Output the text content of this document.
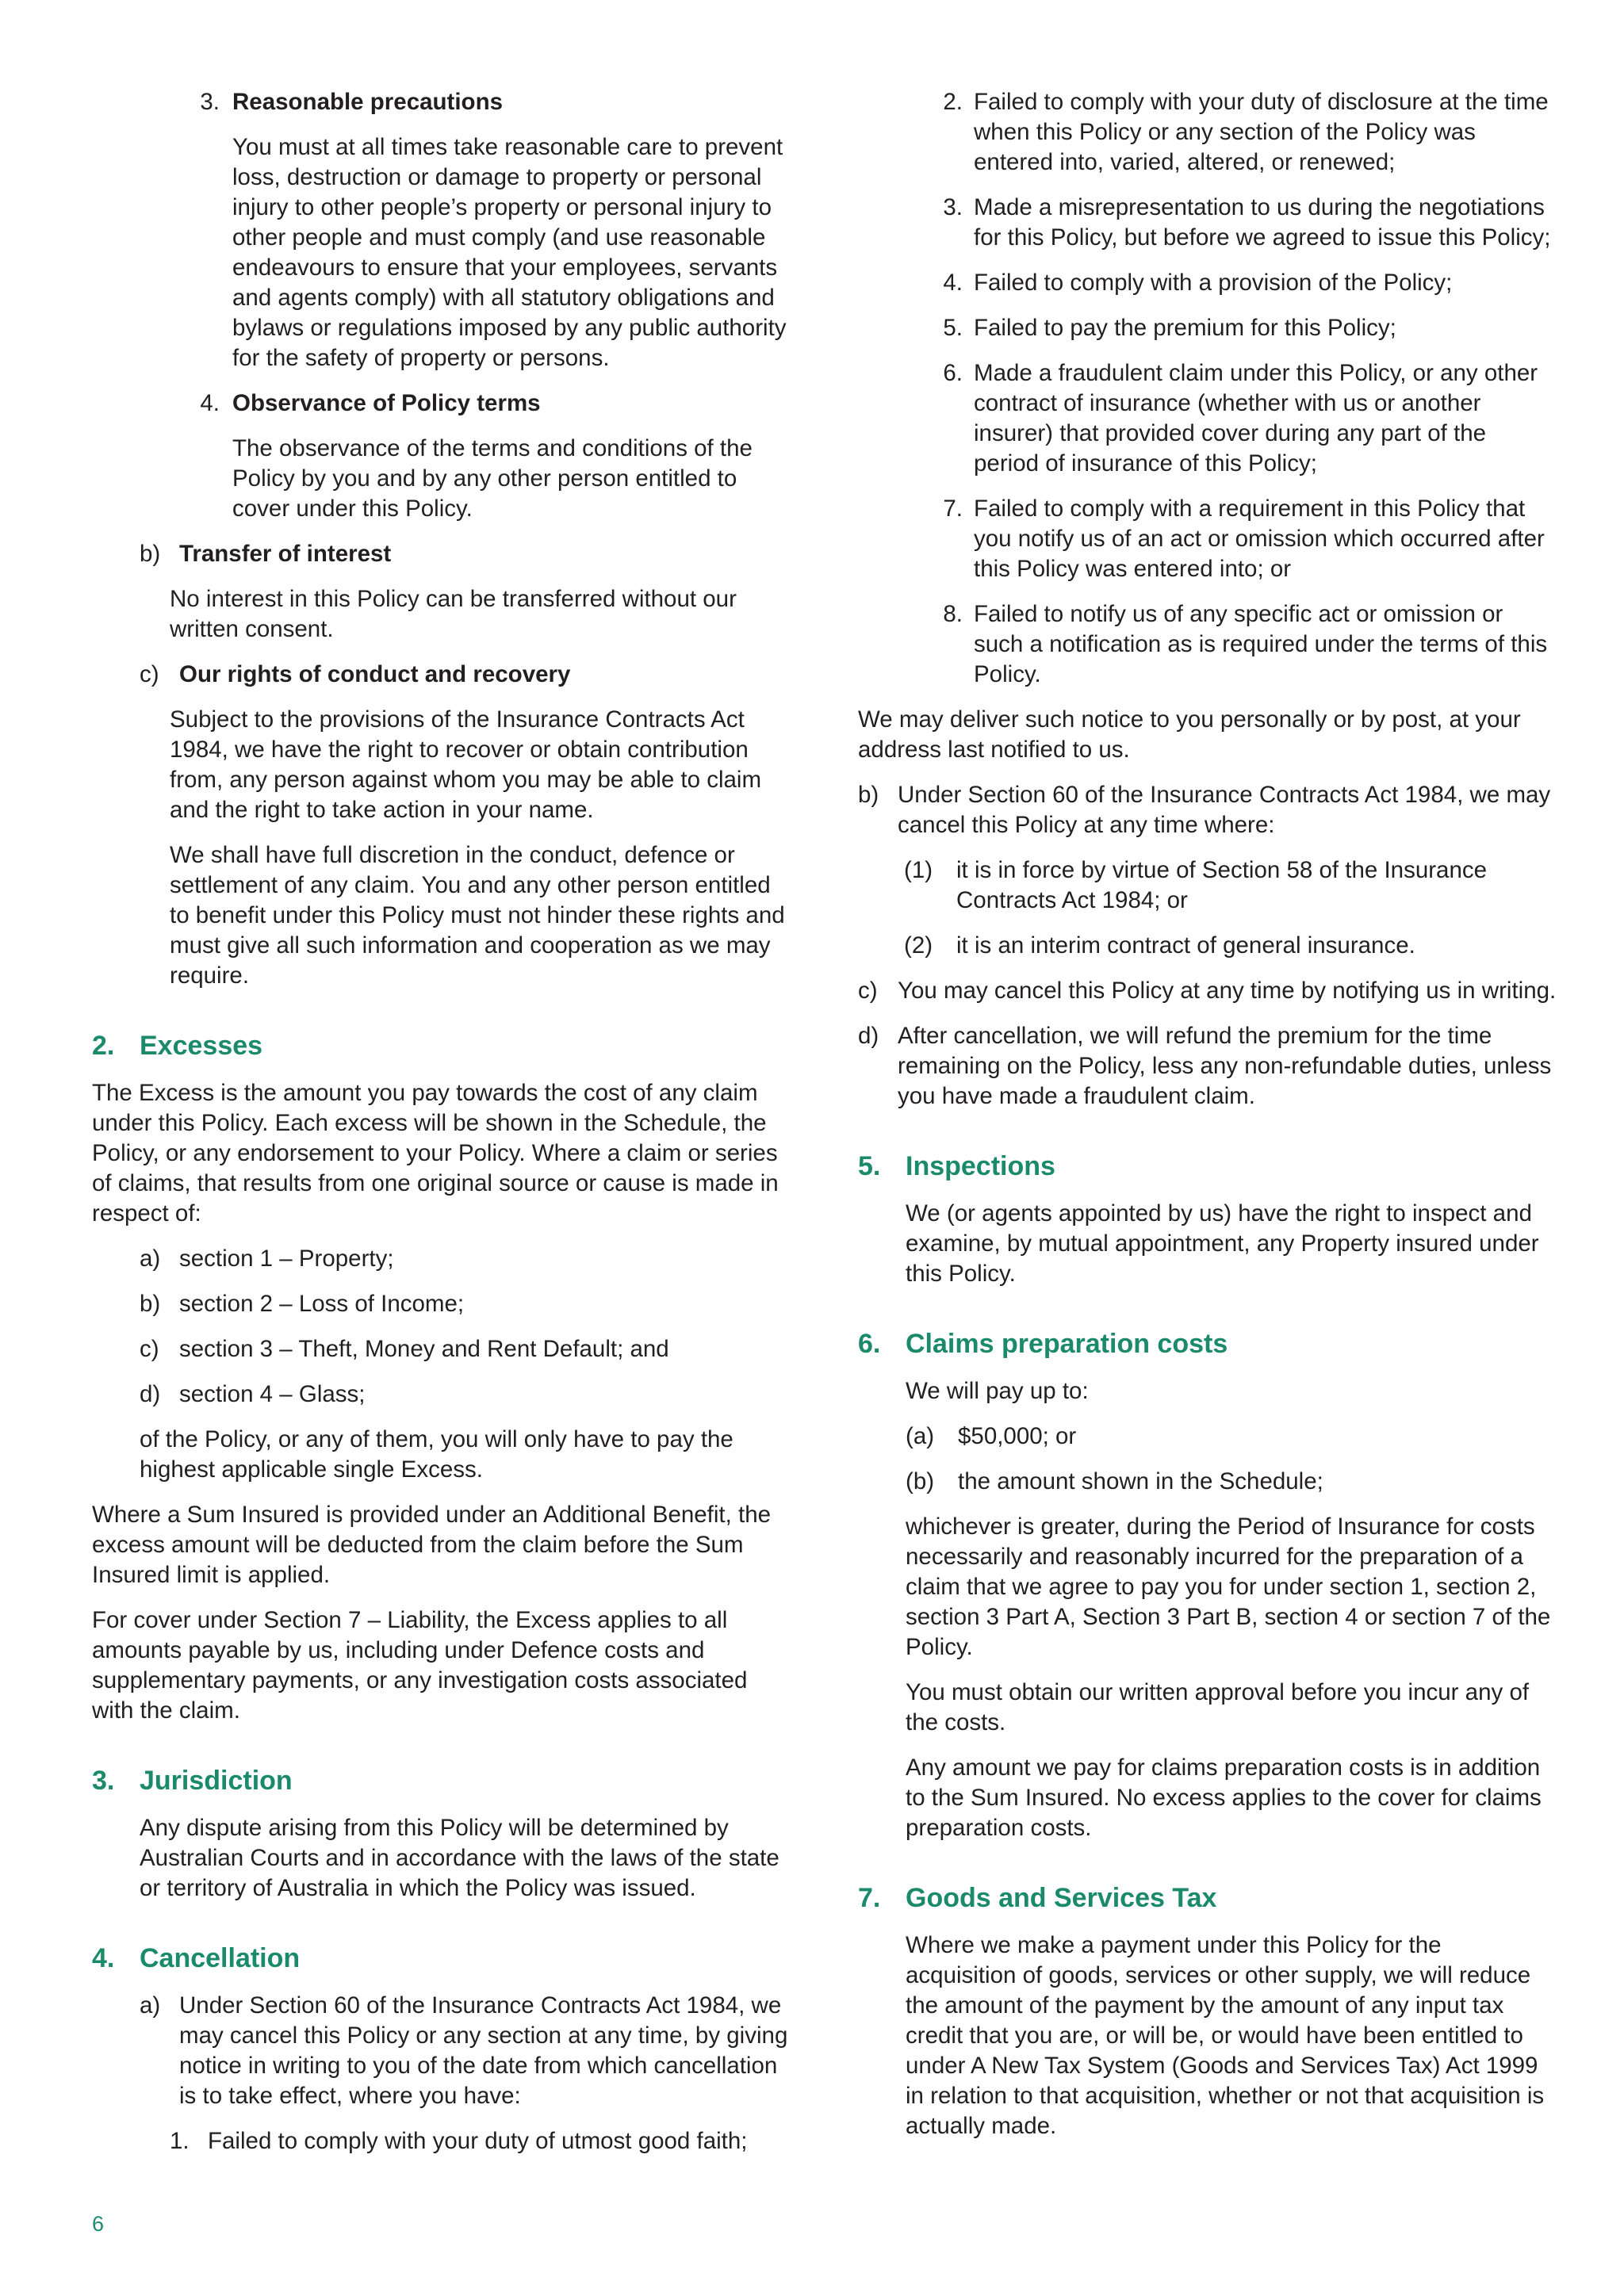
3. Reasonable precautions

You must at all times take reasonable care to prevent loss, destruction or damage to property or personal injury to other people’s property or personal injury to other people and must comply (and use reasonable endeavours to ensure that your employees, servants and agents comply) with all statutory obligations and bylaws or regulations imposed by any public authority for the safety of property or persons.

4. Observance of Policy terms

The observance of the terms and conditions of the Policy by you and by any other person entitled to cover under this Policy.

b) Transfer of interest

No interest in this Policy can be transferred without our written consent.

c) Our rights of conduct and recovery

Subject to the provisions of the Insurance Contracts Act 1984, we have the right to recover or obtain contribution from, any person against whom you may be able to claim and the right to take action in your name.

We shall have full discretion in the conduct, defence or settlement of any claim. You and any other person entitled to benefit under this Policy must not hinder these rights and must give all such information and cooperation as we may require.

2. Excesses

The Excess is the amount you pay towards the cost of any claim under this Policy. Each excess will be shown in the Schedule, the Policy, or any endorsement to your Policy. Where a claim or series of claims, that results from one original source or cause is made in respect of:

a) section 1 – Property;
b) section 2 – Loss of Income;
c) section 3 – Theft, Money and Rent Default; and
d) section 4 – Glass;

of the Policy, or any of them, you will only have to pay the highest applicable single Excess.

Where a Sum Insured is provided under an Additional Benefit, the excess amount will be deducted from the claim before the Sum Insured limit is applied.

For cover under Section 7 – Liability, the Excess applies to all amounts payable by us, including under Defence costs and supplementary payments, or any investigation costs associated with the claim.

3. Jurisdiction

Any dispute arising from this Policy will be determined by Australian Courts and in accordance with the laws of the state or territory of Australia in which the Policy was issued.

4. Cancellation
a) Under Section 60 of the Insurance Contracts Act 1984, we may cancel this Policy or any section at any time, by giving notice in writing to you of the date from which cancellation is to take effect, where you have:
1. Failed to comply with your duty of utmost good faith;
2. Failed to comply with your duty of disclosure at the time when this Policy or any section of the Policy was entered into, varied, altered, or renewed;
3. Made a misrepresentation to us during the negotiations for this Policy, but before we agreed to issue this Policy;
4. Failed to comply with a provision of the Policy;
5. Failed to pay the premium for this Policy;
6. Made a fraudulent claim under this Policy, or any other contract of insurance (whether with us or another insurer) that provided cover during any part of the period of insurance of this Policy;
7. Failed to comply with a requirement in this Policy that you notify us of an act or omission which occurred after this Policy was entered into; or
8. Failed to notify us of any specific act or omission or such a notification as is required under the terms of this Policy.

We may deliver such notice to you personally or by post, at your address last notified to us.

b) Under Section 60 of the Insurance Contracts Act 1984, we may cancel this Policy at any time where:
(1)	it is in force by virtue of Section 58 of the Insurance Contracts Act 1984; or
(2)	it is an interim contract of general insurance.
c) You may cancel this Policy at any time by notifying us in writing.
d) After cancellation, we will refund the premium for the time remaining on the Policy, less any non-refundable duties, unless you have made a fraudulent claim.
5. Inspections

We (or agents appointed by us) have the right to inspect and examine, by mutual appointment, any Property insured under this Policy.

6. Claims preparation costs

We will pay up to:

(a)	$50,000; or
(b)	the amount shown in the Schedule;

whichever is greater, during the Period of Insurance for costs necessarily and reasonably incurred for the preparation of a claim that we agree to pay you for under section 1, section 2, section 3 Part A, Section 3 Part B, section 4 or section 7 of the Policy.

You must obtain our written approval before you incur any of the costs.

Any amount we pay for claims preparation costs is in addition to the Sum Insured. No excess applies to the cover for claims preparation costs.

7. Goods and Services Tax

Where we make a payment under this Policy for the acquisition of goods, services or other supply, we will reduce the amount of the payment by the amount of any input tax credit that you are, or will be, or would have been entitled to under A New Tax System (Goods and Services Tax) Act 1999 in relation to that acquisition, whether or not that acquisition is actually made.

6
